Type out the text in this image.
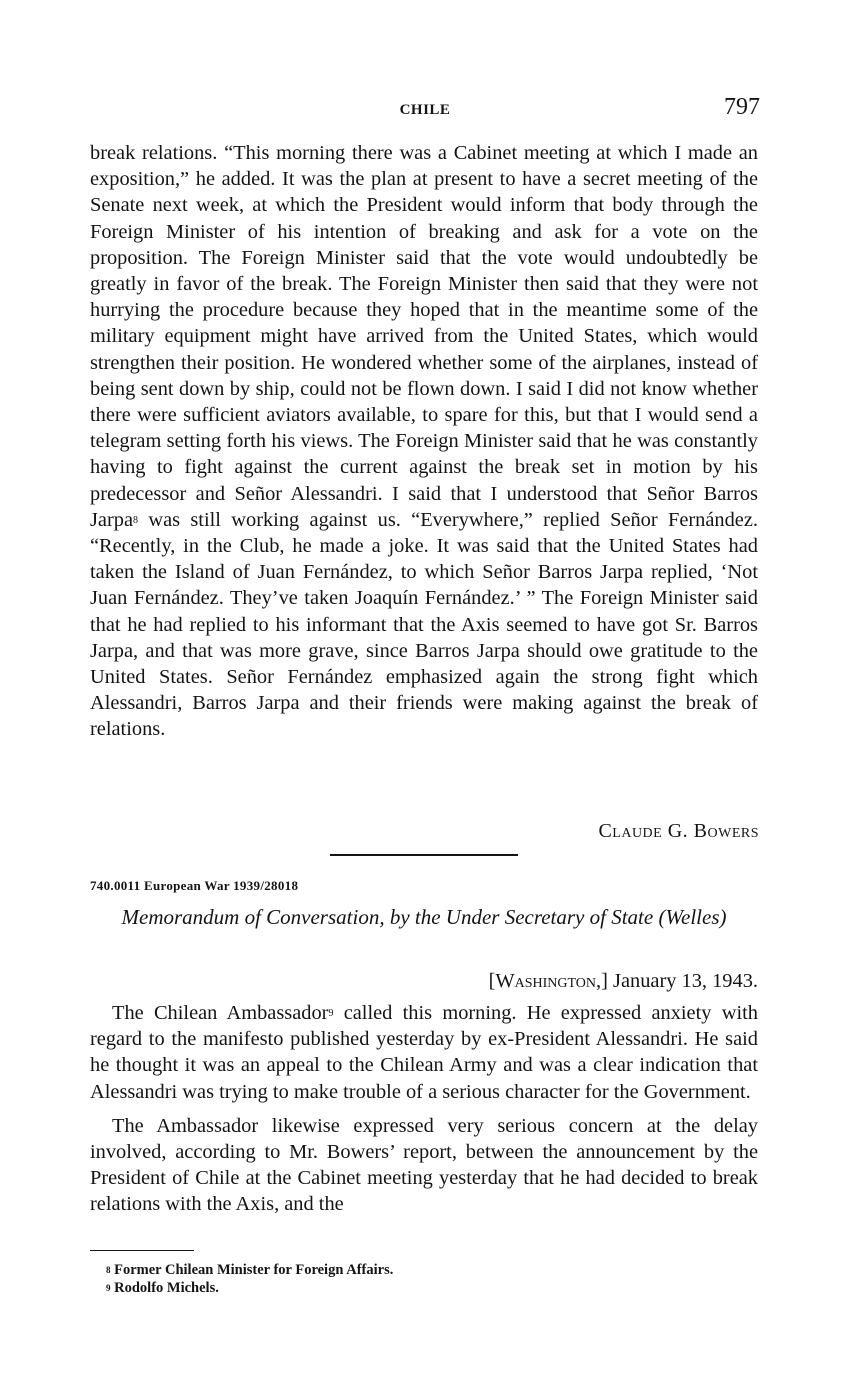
CHILE	797

break relations. “This morning there was a Cabinet meeting at which I made an exposition,” he added. It was the plan at present to have a secret meeting of the Senate next week, at which the President would inform that body through the Foreign Minister of his intention of breaking and ask for a vote on the proposition. The Foreign Minister said that the vote would undoubtedly be greatly in favor of the break. The Foreign Minister then said that they were not hurrying the procedure because they hoped that in the meantime some of the military equipment might have arrived from the United States, which would strengthen their position. He wondered whether some of the airplanes, instead of being sent down by ship, could not be flown down. I said I did not know whether there were sufficient aviators available, to spare for this, but that I would send a telegram setting forth his views. The Foreign Minister said that he was constantly having to fight against the current against the break set in motion by his predecessor and Señor Alessandri. I said that I understood that Señor Barros Jarpa$^8$ was still working against us. “Everywhere,” replied Señor Fernández. “Recently, in the Club, he made a joke. It was said that the United States had taken the Island of Juan Fernández, to which Señor Barros Jarpa replied, ‘Not Juan Fernández. They’ve taken Joaquín Fernández.’ ” The Foreign Minister said that he had replied to his informant that the Axis seemed to have got Sr. Barros Jarpa, and that was more grave, since Barros Jarpa should owe gratitude to the United States. Señor Fernández emphasized again the strong fight which Alessandri, Barros Jarpa and their friends were making against the break of relations.

Claude G. Bowers
740.0011 European War 1939/28018
Memorandum of Conversation, by the Under Secretary of State (Welles)
[Washington,] January 13, 1943.

The Chilean Ambassador$^9$ called this morning. He expressed anxiety with regard to the manifesto published yesterday by ex-President Alessandri. He said he thought it was an appeal to the Chilean Army and was a clear indication that Alessandri was trying to make trouble of a serious character for the Government.

The Ambassador likewise expressed very serious concern at the delay involved, according to Mr. Bowers’ report, between the announcement by the President of Chile at the Cabinet meeting yesterday that he had decided to break relations with the Axis, and the

$^8$ Former Chilean Minister for Foreign Affairs.
$^9$ Rodolfo Michels.
